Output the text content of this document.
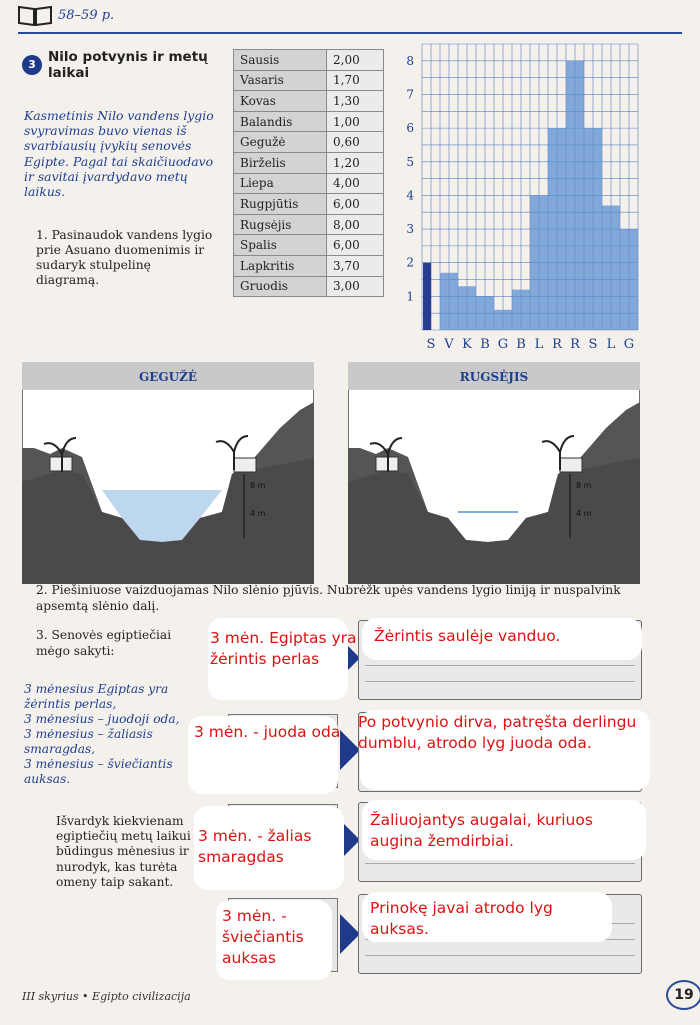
58–59 p.
3 Nilo potvynis ir metų laikai
Kasmetinis Nilo vandens lygio svyravimas buvo vienas iš svarbiausių įvykių senovės Egipte. Pagal tai skaičiuodavo ir savitai įvardydavo metų laikus.
1. Pasinaudok vandens lygio prie Asuano duomenimis ir sudaryk stulpelinę diagramą.
Sausis	2,00
Vasaris	1,70
Kovas	1,30
Balandis	1,00
Gegužė	0,60
Birželis	1,20
Liepa	4,00
Rugpjūtis	6,00
Rugsėjis	8,00
Spalis	6,00
Lapkritis	3,70
Gruodis	3,00
S V K B G B L R R S L G
1
2
3
4
5
6
7
8
GEGUŽĖ
8 m
4 m
RUGSĖJIS
8 m
4 m
2. Piešiniuose vaizduojamas Nilo slėnio pjūvis. Nubrėžk upės vandens lygio liniją ir nuspalvink apsemtą slėnio dalį.
3. Senovės egiptiečiai mėgo sakyti:
3 mėnesius Egiptas yra žėrintis perlas,
3 mėnesius – juodoji oda,
3 mėnesius – žaliasis smaragdas,
3 mėnesius – šviečiantis auksas.
Išvardyk kiekvienam egiptiečių metų laikui būdingus mėnesius ir nurodyk, kas turėta omeny taip sakant.
3 mėn. Egiptas yra žėrintis perlas
Žėrintis saulėje vanduo.
3 mėn. - juoda oda
Po potvynio dirva, patręšta derlingu dumblu, atrodo lyg juoda oda.
3 mėn. - žalias smaragdas
Žaliuojantys augalai, kuriuos augina žemdirbiai.
3 mėn. - šviečiantis auksas
Prinokę javai atrodo lyg auksas.
III skyrius • Egipto civilizacija	19
